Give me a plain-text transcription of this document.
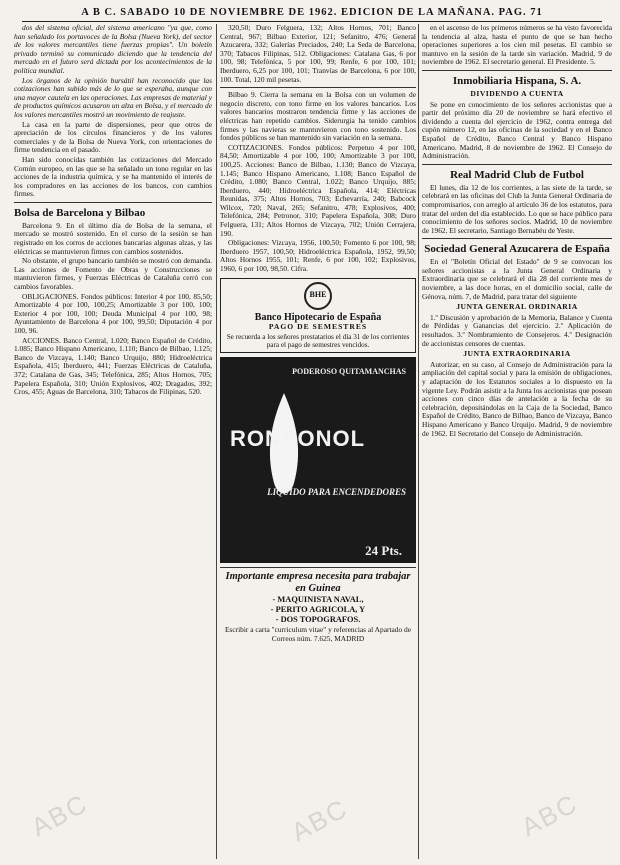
A B C. SABADO 10 DE NOVIEMBRE DE 1962. EDICION DE LA MAÑANA. PAG. 71

dos del sistema oficial, del sistema americano "ya que, como han señalado los portavoces de la Bolsa (Nueva York), del sector de los valores mercantiles tiene fuerzas propias". Un boletín privado terminó su comunicado diciendo que la tendencia del mercado en el futuro será dictada por los acontecimientos de la política mundial.

Los órganos de la opinión bursátil han reconocido que las cotizaciones han subido más de lo que se esperaba, aunque con una mayor cautela en las operaciones. Las empresas de material y de productos químicos acusaron un alza en Bolsa, y el mercado de los valores mercantiles mostró un movimiento de reajuste.

La casa en la parte de dispersiones, peor que otros de apreciación de los círculos financieros y de los valores comerciales y de la Bolsa de Nueva York, con orientaciones de firme tendencia en el pasado.

Han sido conocidas también las cotizaciones del Mercado Común europeo, en las que se ha señalado un tono regular en las acciones de la industria química, y se ha mantenido el interés de los compradores en las acciones de los bancos, con cambios firmes.

Bolsa de Barcelona y Bilbao

Barcelona 9. En el último día de Bolsa de la semana, el mercado se mostró sostenido. En el curso de la sesión se han registrado en los corros de acciones bancarias algunas alzas, y las eléctricas se mantuvieron firmes con cambios sostenidos.

No obstante, el grupo bancario también se mostró con demanda. Las acciones de Fomento de Obras y Construcciones se mantuvieron firmes, y Fuerzas Eléctricas de Cataluña cerró con cambios favorables.

OBLIGACIONES. Fondos públicos: Interior 4 por 100, 85,50; Amortizable 4 por 100, 100,25; Amortizable 3 por 100, 100; Exterior 4 por 100, 100; Deuda Municipal 4 por 100, 98; Ayuntamiento de Barcelona 4 por 100, 99,50; Diputación 4 por 100, 96.

ACCIONES. Banco Central, 1.020; Banco Español de Crédito, 1.085; Banco Hispano Americano, 1.110; Banco de Bilbao, 1.125; Banco de Vizcaya, 1.140; Banco Urquijo, 880; Hidroeléctrica Española, 415; Iberduero, 441; Fuerzas Eléctricas de Cataluña, 372; Catalana de Gas, 345; Telefónica, 285; Altos Hornos, 705; Papelera Española, 310; Unión Explosivos, 402; Dragados, 392; Cros, 455; Aguas de Barcelona, 310; Tabacos de Filipinas, 520.

320,50; Duro Felguera, 132; Altos Hornos, 701; Banco Central, 967; Bilbao Exterior, 121; Sefanitro, 476; General Azucarera, 332; Galerías Preciados, 240; La Seda de Barcelona, 370; Tabacos Filipinas, 512. Obligaciones: Catalana Gas, 6 por 100, 98; Telefónica, 5 por 100, 99; Renfe, 6 por 100, 101; Iberduero, 6,25 por 100, 101; Tranvías de Barcelona, 6 por 100, 100. Total, 120 mil pesetas.

Bilbao 9. Cierra la semana en la Bolsa con un volumen de negocio discreto, con tono firme en los valores bancarios. Los valores bancarios mostraron tendencia firme y las acciones de eléctricas han repetido cambios. Siderurgia ha tenido cambios firmes y las navieras se mantuvieron con tono sostenido. Los fondos públicos se han mantenido sin variación en la semana.

COTIZACIONES. Fondos públicos: Perpetuo 4 por 100, 84,50; Amortizable 4 por 100, 100; Amortizable 3 por 100, 100,25. Acciones: Banco de Bilbao, 1.130; Banco de Vizcaya, 1.145; Banco Hispano Americano, 1.108; Banco Español de Crédito, 1.080; Banco Central, 1.022; Banco Urquijo, 885; Iberduero, 440; Hidroeléctrica Española, 414; Eléctricas Reunidas, 375; Altos Hornos, 703; Echevarría, 240; Babcock Wilcox, 720; Naval, 265; Sefanitro, 478; Explosivos, 400; Telefónica, 284; Petronor, 310; Papelera Española, 308; Duro Felguera, 131; Altos Hornos de Vizcaya, 702; Unión Cerrajera, 190.

Obligaciones: Vizcaya, 1956, 100,50; Fomento 6 por 100, 98; Iberduero 1957, 100,50; Hidroeléctrica Española, 1952, 99,50; Altos Hornos 1955, 101; Renfe, 6 por 100, 102; Explosivos, 1960, 6 por 100, 98,50. Cifra.

BHE
Banco Hipotecario de España
PAGO DE SEMESTRES
Se recuerda a los señores prestatarios el día 31 de los corrientes para el pago de semestres vencidos.
PODEROSO QUITAMANCHAS
RONSONOL
LIQUIDO PARA ENCENDEDORES
24 Pts.
Importante empresa necesita para trabajar en Guinea
- MAQUINISTA NAVAL,
- PERITO AGRICOLA, Y
- DOS TOPOGRAFOS.
Escribir a carta "curriculum vitae" y referencias al Apartado de Correos núm. 7.625, MADRID

en el ascenso de los primeros números se ha visto favorecida la tendencia al alza, hasta el punto de que se han hecho operaciones superiores a los cien mil pesetas. El cambio se mantuvo en la sesión de la tarde sin variación. Madrid, 9 de noviembre de 1962. El secretario general. El Presidente. 5.

Inmobiliaria Hispana, S. A.
DIVIDENDO A CUENTA

Se pone en conocimiento de los señores accionistas que a partir del próximo día 20 de noviembre se hará efectivo el dividendo a cuenta del ejercicio de 1962, contra entrega del cupón número 12, en las oficinas de la sociedad y en el Banco Español de Crédito, Banco Central y Banco Hispano Americano. Madrid, 8 de noviembre de 1962. El Consejo de Administración.

Real Madrid Club de Futbol

El lunes, día 12 de los corrientes, a las siete de la tarde, se celebrará en las oficinas del Club la Junta General Ordinaria de compromisarios, con arreglo al artículo 36 de los estatutos, para tratar del orden del día establecido. Lo que se hace público para conocimiento de los señores socios. Madrid, 10 de noviembre de 1962. El secretario, Santiago Bernabéu de Yeste.

Sociedad General Azucarera de España

En el "Boletín Oficial del Estado" de 9 se convocan los señores accionistas a la Junta General Ordinaria y Extraordinaria que se celebrará el día 28 del corriente mes de noviembre, a las doce horas, en el domicilio social, calle de Génova, núm. 7, de Madrid, para tratar del siguiente

JUNTA GENERAL ORDINARIA

1.º Discusión y aprobación de la Memoria, Balance y Cuenta de Pérdidas y Ganancias del ejercicio. 2.º Aplicación de resultados. 3.º Nombramiento de Consejeros. 4.º Designación de accionistas censores de cuentas.

JUNTA EXTRAORDINARIA

Autorizar, en su caso, al Consejo de Administración para la ampliación del capital social y para la emisión de obligaciones, y adaptación de los Estatutos sociales a lo dispuesto en la vigente Ley. Podrán asistir a la Junta los accionistas que posean acciones con cinco días de antelación a la fecha de su celebración, depositándolas en la Caja de la Sociedad, Banco Español de Crédito, Banco de Bilbao, Banco de Vizcaya, Banco Hispano Americano y Banco Urquijo. Madrid, 9 de noviembre de 1962. El Secretario del Consejo de Administración.

ABC	ABC	ABC
